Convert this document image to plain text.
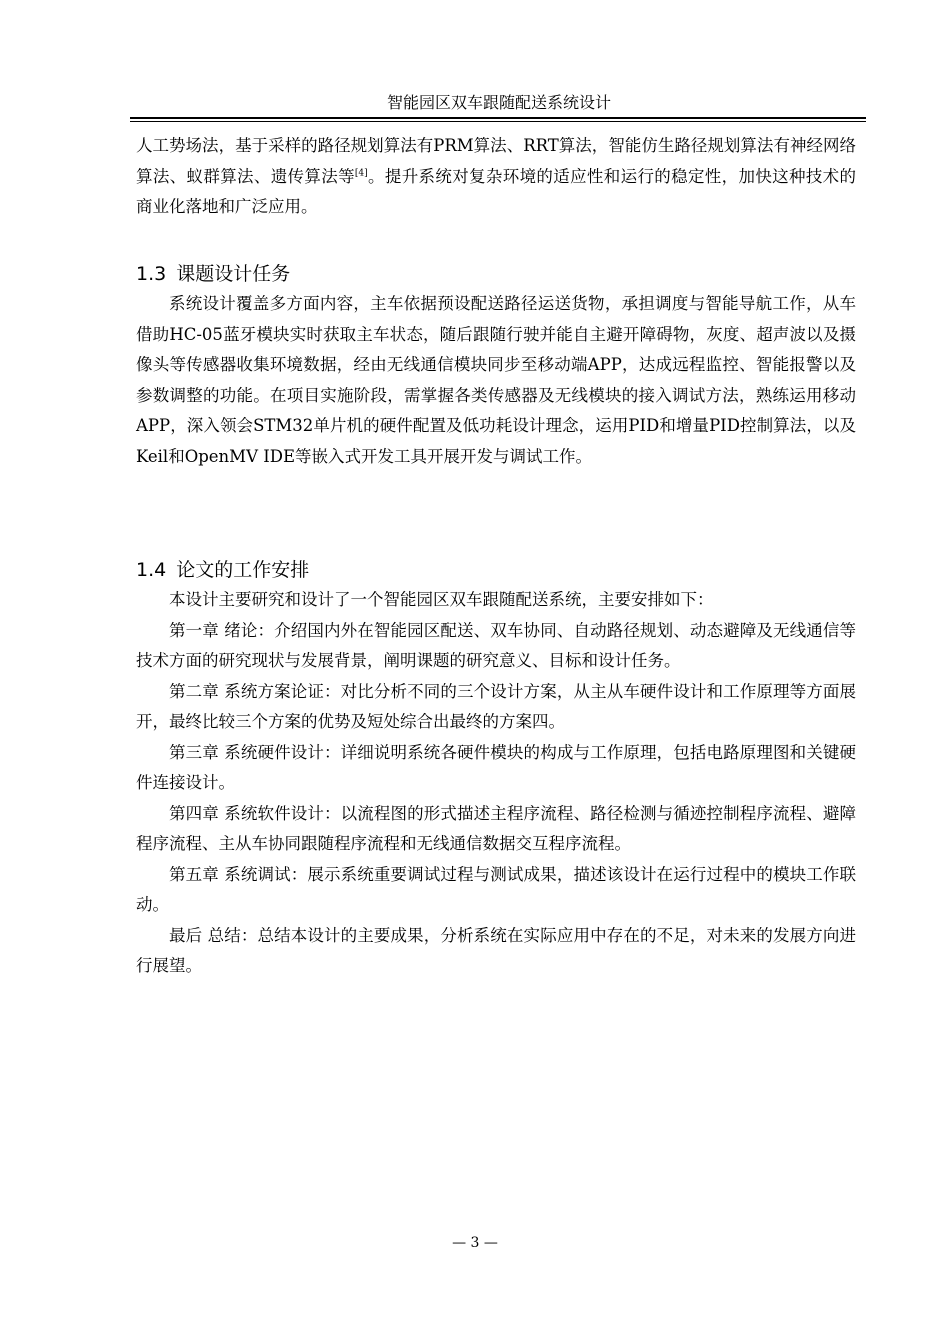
智能园区双车跟随配送系统设计

人工势场法，基于采样的路径规划算法有PRM算法、RRT算法，智能仿生路径规划算法有神经网络算法、蚁群算法、遗传算法等[4]。提升系统对复杂环境的适应性和运行的稳定性，加快这种技术的商业化落地和广泛应用。

1.3 课题设计任务

系统设计覆盖多方面内容，主车依据预设配送路径运送货物，承担调度与智能导航工作，从车借助HC-05蓝牙模块实时获取主车状态，随后跟随行驶并能自主避开障碍物，灰度、超声波以及摄像头等传感器收集环境数据，经由无线通信模块同步至移动端APP，达成远程监控、智能报警以及参数调整的功能。在项目实施阶段，需掌握各类传感器及无线模块的接入调试方法，熟练运用移动APP，深入领会STM32单片机的硬件配置及低功耗设计理念，运用PID和增量PID控制算法，以及Keil和OpenMV IDE等嵌入式开发工具开展开发与调试工作。

1.4 论文的工作安排

本设计主要研究和设计了一个智能园区双车跟随配送系统，主要安排如下：

第一章 绪论：介绍国内外在智能园区配送、双车协同、自动路径规划、动态避障及无线通信等技术方面的研究现状与发展背景，阐明课题的研究意义、目标和设计任务。

第二章 系统方案论证：对比分析不同的三个设计方案，从主从车硬件设计和工作原理等方面展开，最终比较三个方案的优势及短处综合出最终的方案四。

第三章 系统硬件设计：详细说明系统各硬件模块的构成与工作原理，包括电路原理图和关键硬件连接设计。

第四章 系统软件设计：以流程图的形式描述主程序流程、路径检测与循迹控制程序流程、避障程序流程、主从车协同跟随程序流程和无线通信数据交互程序流程。

第五章 系统调试：展示系统重要调试过程与测试成果，描述该设计在运行过程中的模块工作联动。

最后 总结：总结本设计的主要成果，分析系统在实际应用中存在的不足，对未来的发展方向进行展望。

— 3 —
